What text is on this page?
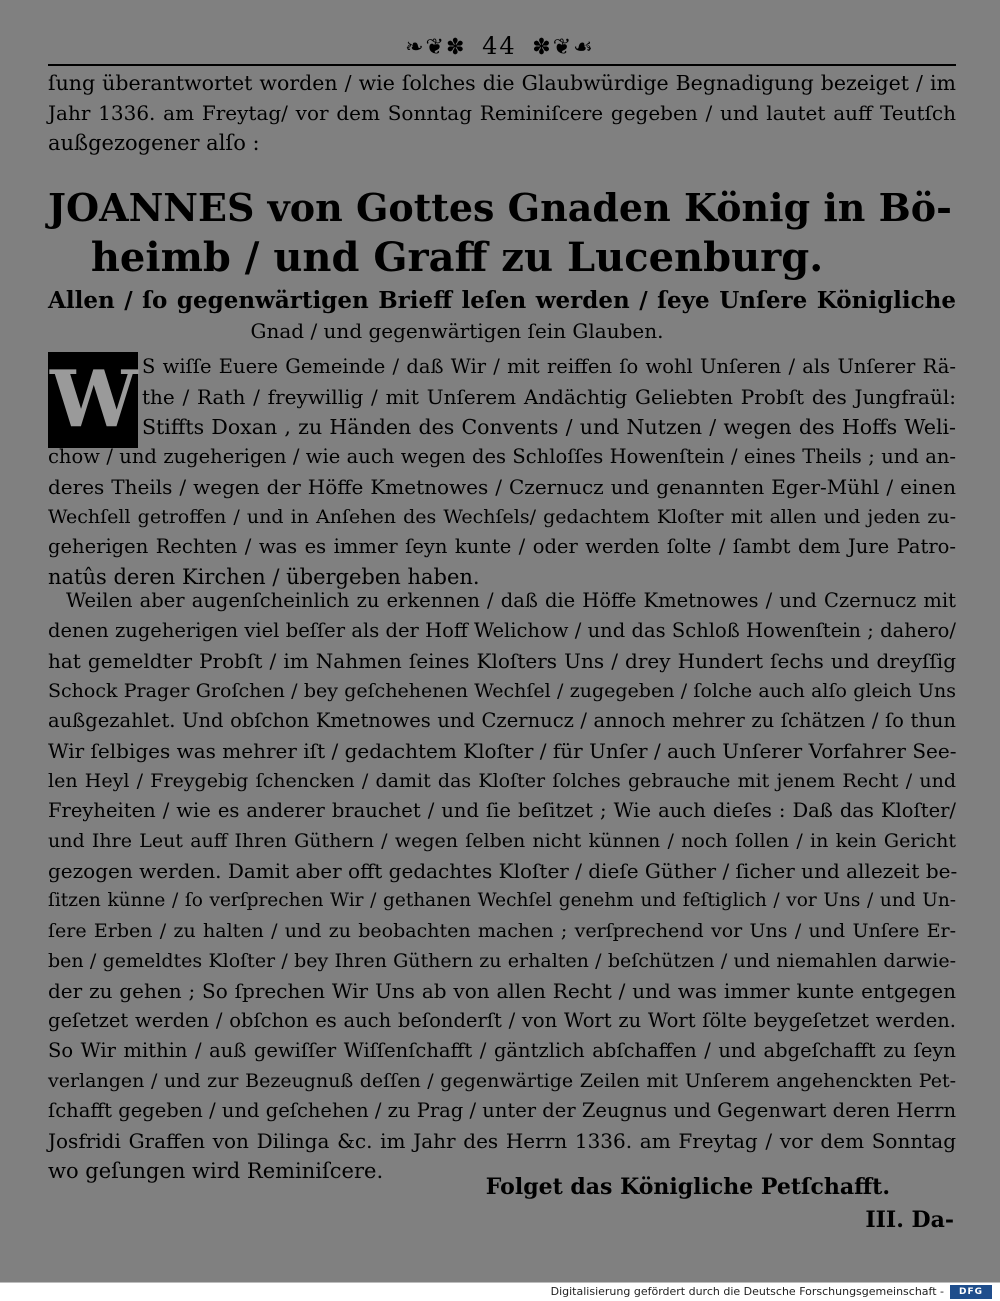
❧❦✽ 44 ✽❦☙
ſung überantwortet worden / wie ſolches die Glaubwürdige Begnadigung bezeiget / im
Jahr 1336. am Freytag/ vor dem Sonntag Reminiſcere gegeben / und lautet auff Teutſch
außgezogener alſo :
JOANNES von Gottes Gnaden König in Bö-
heimb / und Graff zu Lucenburg.
Allen / ſo gegenwärtigen Brieff leſen werden / ſeye Unſere Königliche
Gnad / und gegenwärtigen ſein Glauben.
W S wiſſe Euere Gemeinde / daß Wir / mit reiffen ſo wohl Unſeren / als Unſerer Rä-
the / Rath / freywillig / mit Unſerem Andächtig Geliebten Probſt des Jungfraül:
Stiffts Doxan , zu Händen des Convents / und Nutzen / wegen des Hoffs Weli-
chow / und zugeherigen / wie auch wegen des Schloſſes Howenſtein / eines Theils ; und an-
deres Theils / wegen der Höffe Kmetnowes / Czernucz und genannten Eger-Mühl / einen
Wechſell getroffen / und in Anſehen des Wechſels/ gedachtem Kloſter mit allen und jeden zu-
geherigen Rechten / was es immer ſeyn kunte / oder werden ſolte / ſambt dem Jure Patro-
natûs deren Kirchen / übergeben haben.
Weilen aber augenſcheinlich zu erkennen / daß die Höffe Kmetnowes / und Czernucz mit
denen zugeherigen viel beſſer als der Hoff Welichow / und das Schloß Howenſtein ; dahero/
hat gemeldter Probſt / im Nahmen ſeines Kloſters Uns / drey Hundert ſechs und dreyſſig
Schock Prager Groſchen / bey geſchehenen Wechſel / zugegeben / ſolche auch alſo gleich Uns
außgezahlet. Und obſchon Kmetnowes und Czernucz / annoch mehrer zu ſchätzen / ſo thun
Wir ſelbiges was mehrer iſt / gedachtem Kloſter / für Unſer / auch Unſerer Vorfahrer See-
len Heyl / Freygebig ſchencken / damit das Kloſter ſolches gebrauche mit jenem Recht / und
Freyheiten / wie es anderer brauchet / und ſie beſitzet ; Wie auch dieſes : Daß das Kloſter/
und Ihre Leut auff Ihren Güthern / wegen ſelben nicht künnen / noch ſollen / in kein Gericht
gezogen werden. Damit aber offt gedachtes Kloſter / dieſe Güther / ſicher und allezeit be-
ſitzen künne / ſo verſprechen Wir / gethanen Wechſel genehm und feſtiglich / vor Uns / und Un-
ſere Erben / zu halten / und zu beobachten machen ; verſprechend vor Uns / und Unſere Er-
ben / gemeldtes Kloſter / bey Ihren Güthern zu erhalten / beſchützen / und niemahlen darwie-
der zu gehen ; So ſprechen Wir Uns ab von allen Recht / und was immer kunte entgegen
geſetzet werden / obſchon es auch beſonderſt / von Wort zu Wort ſölte beygeſetzet werden.
So Wir mithin / auß gewiſſer Wiſſenſchafft / gäntzlich abſchaffen / und abgeſchafft zu ſeyn
verlangen / und zur Bezeugnuß deſſen / gegenwärtige Zeilen mit Unſerem angehenckten Pet-
ſchafft gegeben / und geſchehen / zu Prag / unter der Zeugnus und Gegenwart deren Herrn
Josfridi Graffen von Dilinga &c. im Jahr des Herrn 1336. am Freytag / vor dem Sonntag
wo geſungen wird Reminiſcere.
Folget das Königliche Petſchafft.
III. Da-
Digitalisierung gefördert durch die Deutsche Forschungsgemeinschaft -	DFG
